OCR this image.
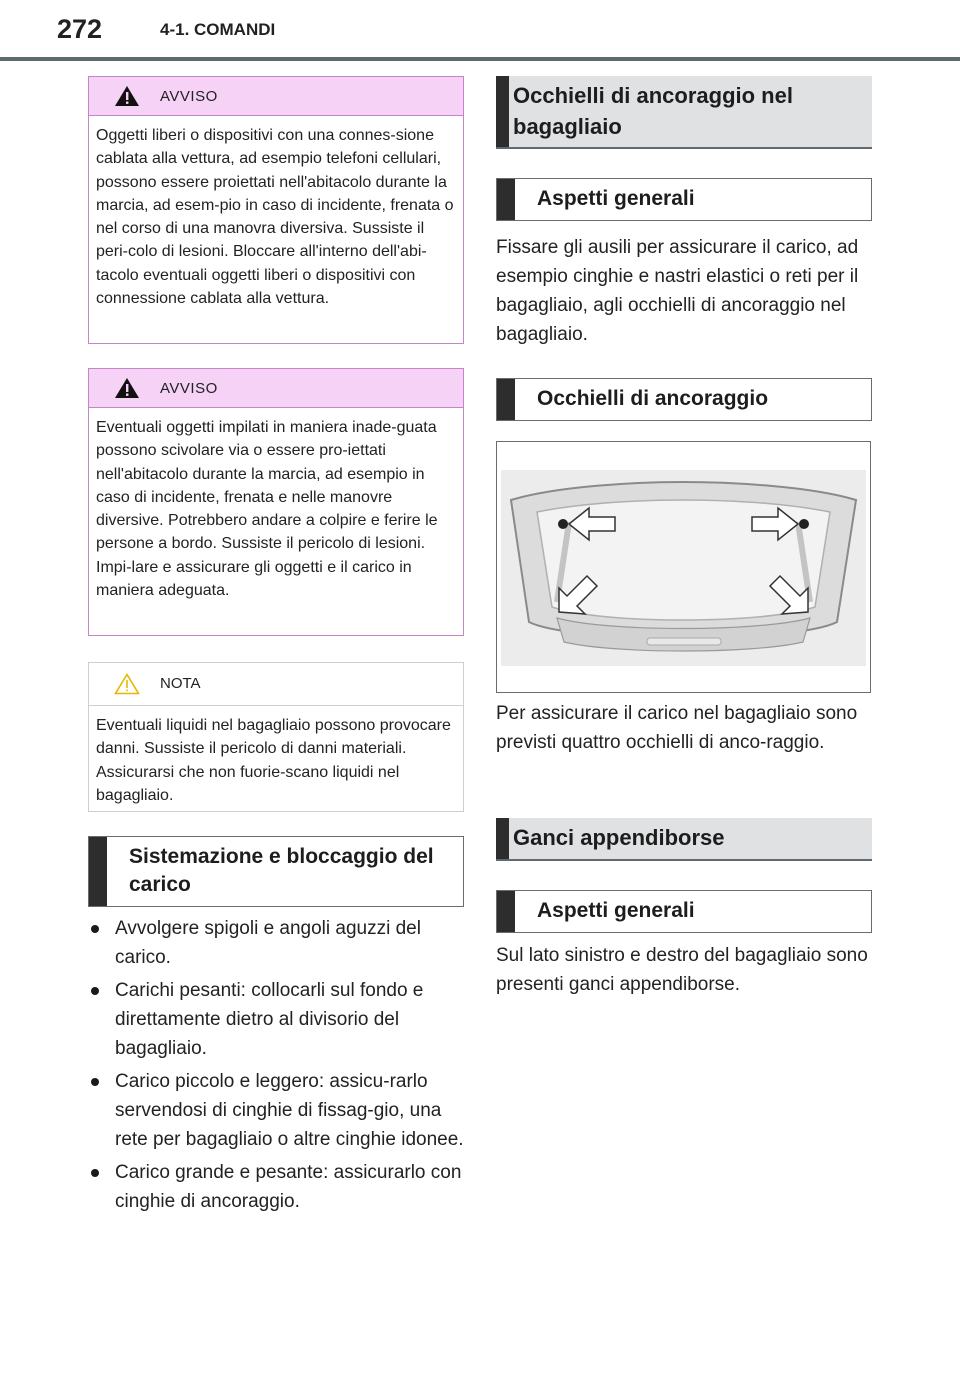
272	4-1. COMANDI
AVVISO
Oggetti liberi o dispositivi con una connes-sione cablata alla vettura, ad esempio telefoni cellulari, possono essere proiettati nell'abitacolo durante la marcia, ad esem-pio in caso di incidente, frenata o nel corso di una manovra diversiva. Sussiste il peri-colo di lesioni. Bloccare all'interno dell'abi-tacolo eventuali oggetti liberi o dispositivi con connessione cablata alla vettura.
AVVISO
Eventuali oggetti impilati in maniera inade-guata possono scivolare via o essere pro-iettati nell'abitacolo durante la marcia, ad esempio in caso di incidente, frenata e nelle manovre diversive. Potrebbero andare a colpire e ferire le persone a bordo. Sussiste il pericolo di lesioni. Impi-lare e assicurare gli oggetti e il carico in maniera adeguata.
NOTA
Eventuali liquidi nel bagagliaio possono provocare danni. Sussiste il pericolo di danni materiali. Assicurarsi che non fuorie-scano liquidi nel bagagliaio.
Sistemazione e bloccaggio del carico
Avvolgere spigoli e angoli aguzzi del carico.
Carichi pesanti: collocarli sul fondo e direttamente dietro al divisorio del bagagliaio.
Carico piccolo e leggero: assicu-rarlo servendosi di cinghie di fissag-gio, una rete per bagagliaio o altre cinghie idonee.
Carico grande e pesante: assicurarlo con cinghie di ancoraggio.
Occhielli di ancoraggio nel bagagliaio
Aspetti generali
Fissare gli ausili per assicurare il carico, ad esempio cinghie e nastri elastici o reti per il bagagliaio, agli occhielli di ancoraggio nel bagagliaio.
Occhielli di ancoraggio
Per assicurare il carico nel bagagliaio sono previsti quattro occhielli di anco-raggio.
Ganci appendiborse
Aspetti generali
Sul lato sinistro e destro del bagagliaio sono presenti ganci appendiborse.
